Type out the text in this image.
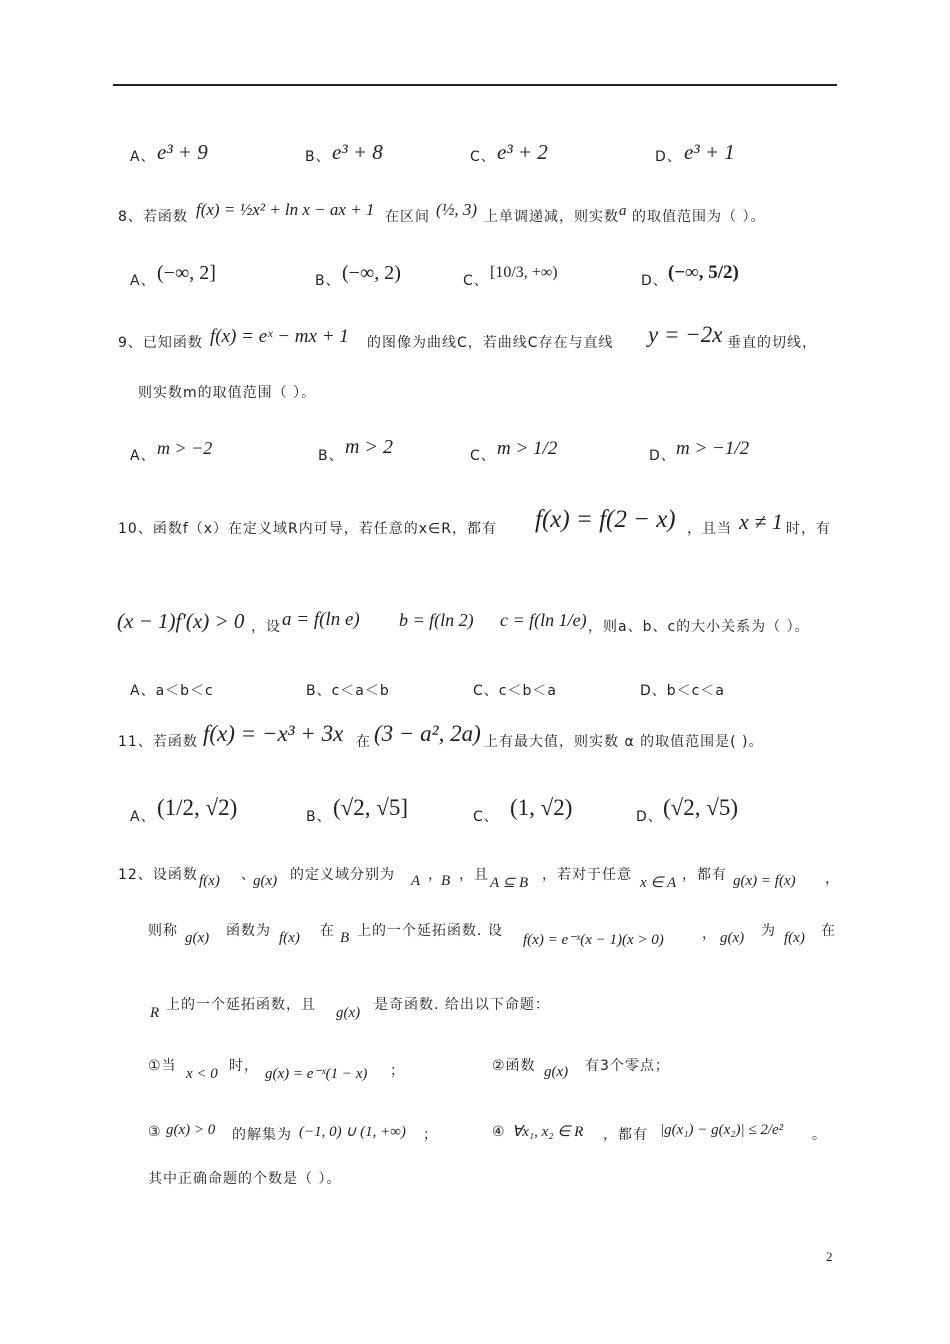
A、 e³ + 9	B、 e³ + 8	C、 e³ + 2	D、 e³ + 1
8、若函数 f(x) = ½x² + ln x − ax + 1 在区间 (½, 3) 上单调递减，则实数 a 的取值范围为（ ）。
A、 (−∞, 2]	B、 (−∞, 2)	C、 [10/3, +∞)	D、 (−∞, 5/2)
9、已知函数 f(x) = eˣ − mx + 1 的图像为曲线C，若曲线C存在与直线 y = −2x 垂直的切线，
则实数m的取值范围（ ）。
A、 m > −2	B、 m > 2	C、 m > 1/2	D、 m > −1/2
10、函数f（x）在定义域R内可导，若任意的x∈R，都有 f(x) = f(2 − x) ，且当 x ≠ 1 时，有
(x − 1)f′(x) > 0 ，设 a = f(ln e) b = f(ln 2) c = f(ln 1/e) ，则a、b、c的大小关系为（ ）。
A、a＜b＜c	B、c＜a＜b	C、c＜b＜a	D、b＜c＜a
11、若函数 f(x) = −x³ + 3x 在 (3 − a², 2a) 上有最大值，则实数 α 的取值范围是( )。
A、 (1/2, √2)	B、 (√2, √5]	C、 (1, √2)	D、 (√2, √5)
12、设函数 f(x) 、
g(x) 的定义域分别为 A ，
B ，且 A ⊆ B ，若对于任意 x ∈ A ，都有 g(x) = f(x) ，
则称 g(x) 函数为 f(x) 在 B 上的一个延拓函数. 设
f(x) = e⁻ˣ(x − 1)(x > 0)	， g(x) 为 f(x) 在
R 上的一个延拓函数，且 g(x) 是奇函数. 给出以下命题：
①当 x < 0 时， g(x) = e⁻ˣ(1 − x) ；	②函数 g(x) 有3个零点；
③ g(x) > 0 的解集为 (−1, 0) ∪ (1, +∞) ；	④ ∀x₁, x₂ ∈ R ，都有 |g(x₁) − g(x₂)| ≤ 2/e² 。
其中正确命题的个数是（ ）。
2
